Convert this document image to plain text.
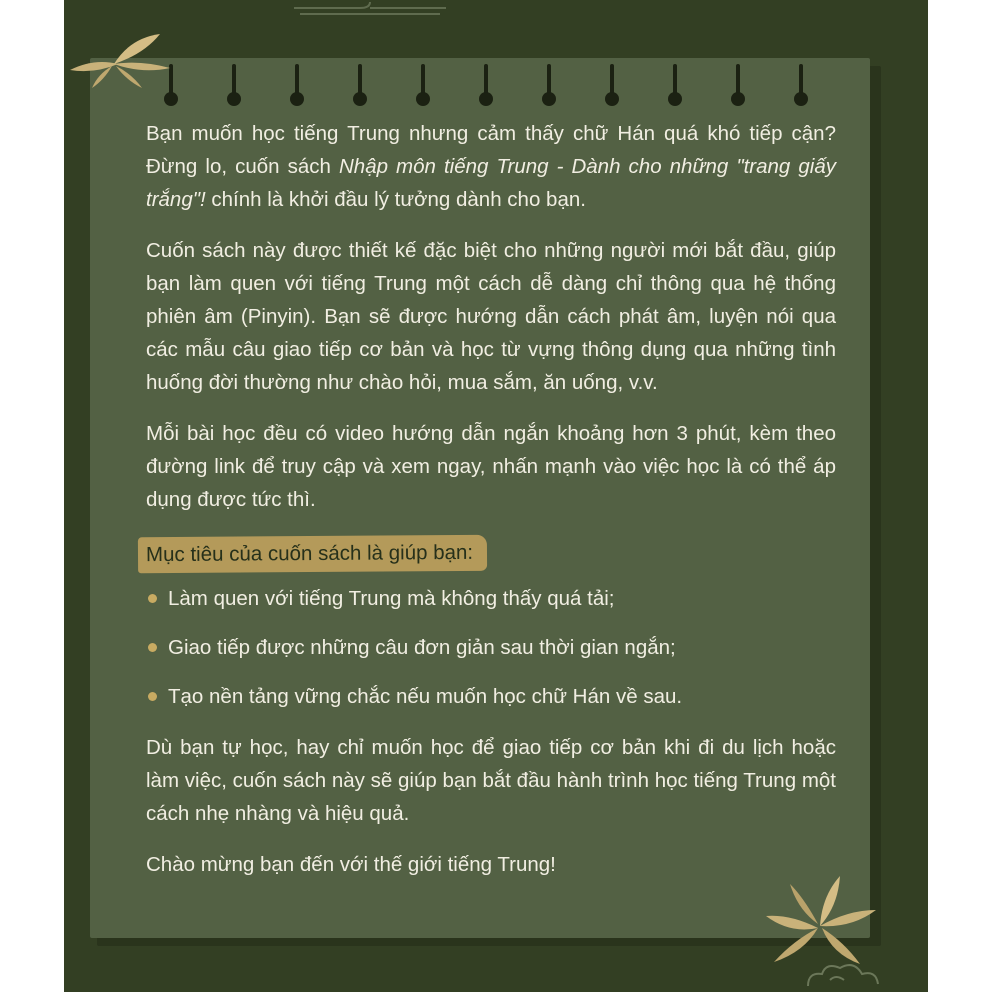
Bạn muốn học tiếng Trung nhưng cảm thấy chữ Hán quá khó tiếp cận? Đừng lo, cuốn sách Nhập môn tiếng Trung - Dành cho những "trang giấy trắng"! chính là khởi đầu lý tưởng dành cho bạn.

Cuốn sách này được thiết kế đặc biệt cho những người mới bắt đầu, giúp bạn làm quen với tiếng Trung một cách dễ dàng chỉ thông qua hệ thống phiên âm (Pinyin). Bạn sẽ được hướng dẫn cách phát âm, luyện nói qua các mẫu câu giao tiếp cơ bản và học từ vựng thông dụng qua những tình huống đời thường như chào hỏi, mua sắm, ăn uống, v.v.

Mỗi bài học đều có video hướng dẫn ngắn khoảng hơn 3 phút, kèm theo đường link để truy cập và xem ngay, nhấn mạnh vào việc học là có thể áp dụng được tức thì.

Mục tiêu của cuốn sách là giúp bạn:
Làm quen với tiếng Trung mà không thấy quá tải;
Giao tiếp được những câu đơn giản sau thời gian ngắn;
Tạo nền tảng vững chắc nếu muốn học chữ Hán về sau.

Dù bạn tự học, hay chỉ muốn học để giao tiếp cơ bản khi đi du lịch hoặc làm việc, cuốn sách này sẽ giúp bạn bắt đầu hành trình học tiếng Trung một cách nhẹ nhàng và hiệu quả.

Chào mừng bạn đến với thế giới tiếng Trung!
